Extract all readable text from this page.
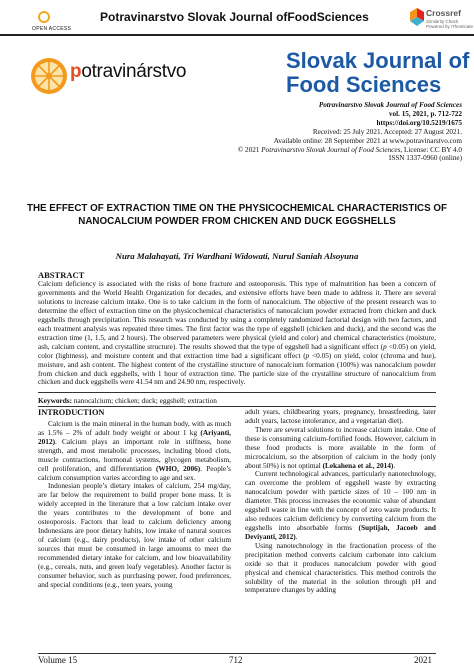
OPEN ACCESS
Potravinarstvo Slovak Journal ofFoodSciences	Crossref
Similarity Check
Powered by iThenticate
potravinárstvo	Slovak Journal of
Food Sciences
Potravinarstvo Slovak Journal of Food Sciences
vol. 15, 2021, p. 712-722
https://doi.org/10.5219/1675
Received: 25 July 2021. Accepted: 27 August 2021.
Available online: 28 September 2021 at www.potravinarstvo.com
© 2021 Potravinarstvo Slovak Journal of Food Sciences, License: CC BY 4.0
ISSN 1337-0960 (online)
THE EFFECT OF EXTRACTION TIME ON THE PHYSICOCHEMICAL CHARACTERISTICS OF NANOCALCIUM POWDER FROM CHICKEN AND DUCK EGGSHELLS
Nura Malahayati, Tri Wardhani Widowati, Nurul Saniah Alsoyuna
ABSTRACT
Calcium deficiency is associated with the risks of bone fracture and osteoporosis. This type of malnutrition has been a concern of governments and the World Health Organization for decades, and extensive efforts have been made to address it. There are several solutions to increase calcium intake. One is to take calcium in the form of nanocalcium. The objective of the present research was to determine the effect of extraction time on the physicochemical characteristics of nanocalcium powder extracted from chicken and duck eggshells through precipitation. This research was conducted by using a completely randomized factorial design with two factors, and each treatment analysis was repeated three times. The first factor was the type of eggshell (chicken and duck), and the second was the extraction time (1, 1.5, and 2 hours). The observed parameters were physical (yield and color) and chemical characteristics (moisture, ash, calcium content, and crystalline structure). The results showed that the type of eggshell had a significant effect (p <0.05) on yield, color (lightness), and moisture content and that extraction time had a significant effect (p <0.05) on yield, color (chroma and hue), moisture, and ash content. The highest content of the crystalline structure of nanocalcium formation (100%) was nanocalcium powder from chicken and duck eggshells, with 1 hour of extraction time. The particle size of the crystalline structure of nanocalcium from chicken and duck eggshells were 41.54 nm and 24.90 nm, respectively.
Keywords: nanocalcium; chicken; duck; eggshell; extraction
INTRODUCTION

Calcium is the main mineral in the human body, with as much as 1.5% – 2% of adult body weight or about 1 kg (Ariyanti, 2012). Calcium plays an important role in stiffness, bone strength, and most metabolic processes, including blood clots, muscle contractions, hormonal systems, glycogen metabolism, cell proliferation, and differentiation (WHO, 2006). People’s calcium consumption varies according to age and sex.

Indonesian people’s dietary intakes of calcium, 254 mg/day, are far below the requirement to build proper bone mass. It is widely accepted in the literature that a low calcium intake over the years contributes to the development of bone and osteoporosis. Factors that lead to calcium deficiency among Indonesians are poor dietary habits, low intake of natural sources of calcium (e.g., dairy products), low intake of other calcium sources that must be consumed in large amounts to meet the recommended dietary intake for calcium, and low bioavailability (e.g., cereals, nuts, and green leafy vegetables). Another factor is consumer behavior, such as purchasing power, food preferences, and special conditions (e.g., teen years, young

adult years, childbearing years, pregnancy, breastfeeding, later adult years, lactose intolerance, and a vegetarian diet).

There are several solutions to increase calcium intake. One of these is consuming calcium-fortified foods. However, calcium in these food products is more available in the form of microcalcium, so the absorption of calcium in the body (only about 50%) is not optimal (Lekahena et al., 2014).

Current technological advances, particularly nanotechnology, can overcome the problem of eggshell waste by extracting nanocalcium powder with particle sizes of 10 – 100 nm in diameter. This process increases the economic value of abundant eggshell waste in line with the concept of zero waste products. It also reduces calcium deficiency by converting calcium from the eggshells into absorbable forms (Suptijah, Jacoeb and Deviyanti, 2012).

Using nanotechnology in the fractionation process of the precipitation method converts calcium carbonate into calcium oxide so that it produces nanocalcium powder with good physical and chemical characteristics. This method controls the solubility of the material in the solution through pH and temperature changes by adding

Volume 15	712	2021
